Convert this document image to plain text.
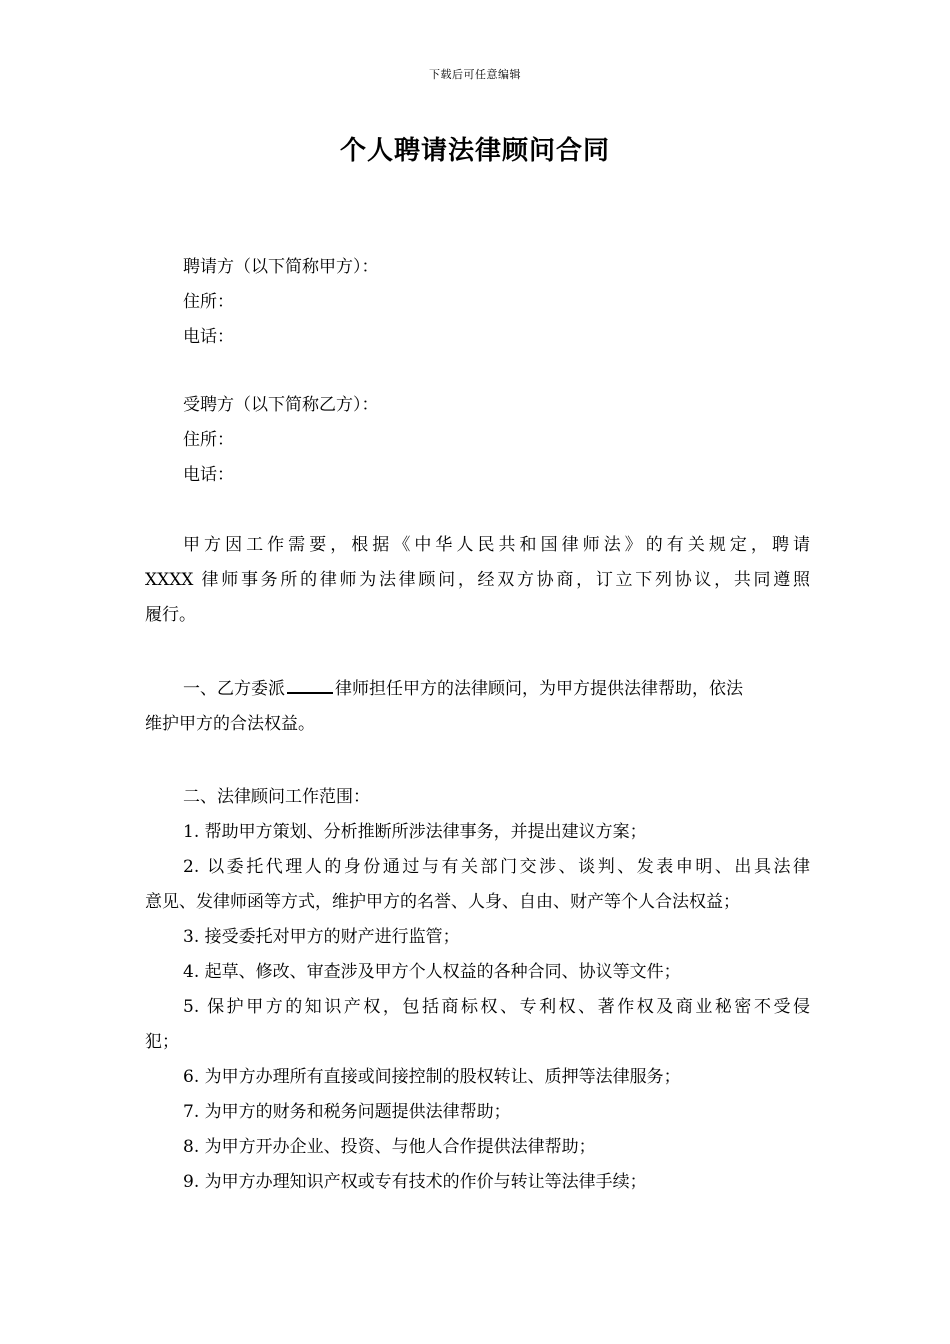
下载后可任意编辑
个人聘请法律顾问合同
聘请方（以下简称甲方）：
住所：
电话：
受聘方（以下简称乙方）：
住所：
电话：
甲方因工作需要，根据《中华人民共和国律师法》的有关规定，聘请
XXXX 律师事务所的律师为法律顾问，经双方协商，订立下列协议，共同遵照
履行。
一、乙方委派	律师担任甲方的法律顾问，为甲方提供法律帮助，依法
维护甲方的合法权益。
二、法律顾问工作范围：
1. 帮助甲方策划、分析推断所涉法律事务，并提出建议方案；
2. 以委托代理人的身份通过与有关部门交涉、谈判、发表申明、出具法律
意见、发律师函等方式，维护甲方的名誉、人身、自由、财产等个人合法权益；
3. 接受委托对甲方的财产进行监管；
4. 起草、修改、审查涉及甲方个人权益的各种合同、协议等文件；
5. 保护甲方的知识产权，包括商标权、专利权、著作权及商业秘密不受侵
犯；
6. 为甲方办理所有直接或间接控制的股权转让、质押等法律服务；
7. 为甲方的财务和税务问题提供法律帮助；
8. 为甲方开办企业、投资、与他人合作提供法律帮助；
9. 为甲方办理知识产权或专有技术的作价与转让等法律手续；
